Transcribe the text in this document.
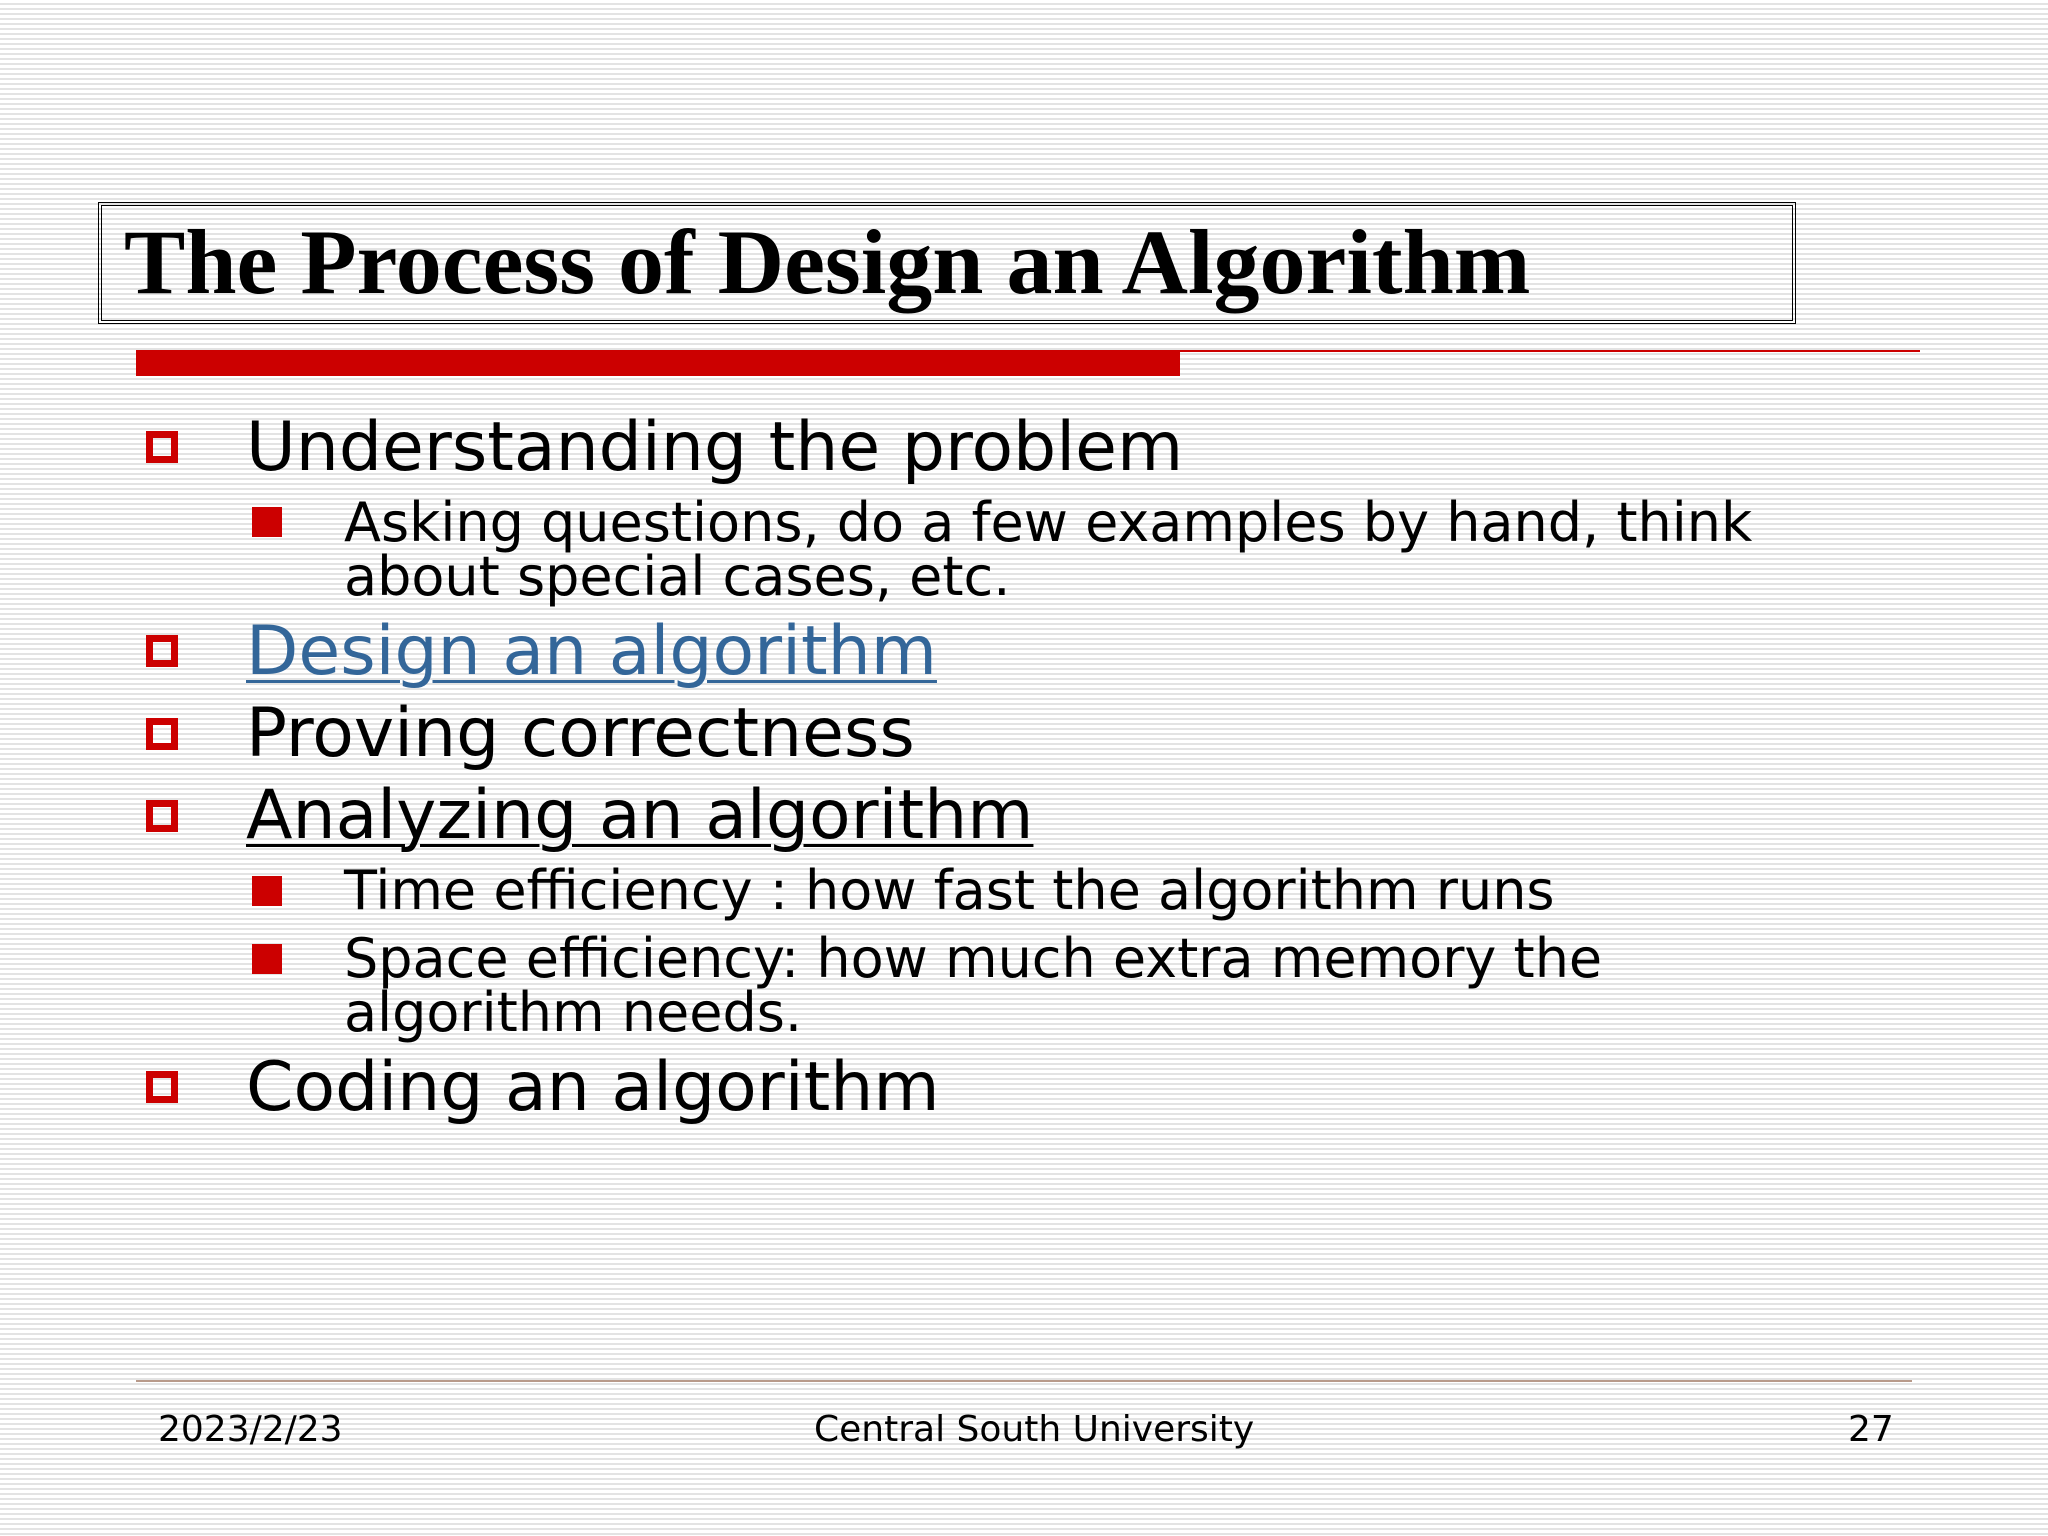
The Process of Design an Algorithm
Understanding the problem
Asking questions, do a few examples by hand, think about special cases, etc.
Design an algorithm
Proving correctness
Analyzing an algorithm
Time efficiency : how fast the algorithm runs
Space efficiency: how much extra memory the algorithm needs.
Coding an algorithm
2023/2/23	Central South University	27
